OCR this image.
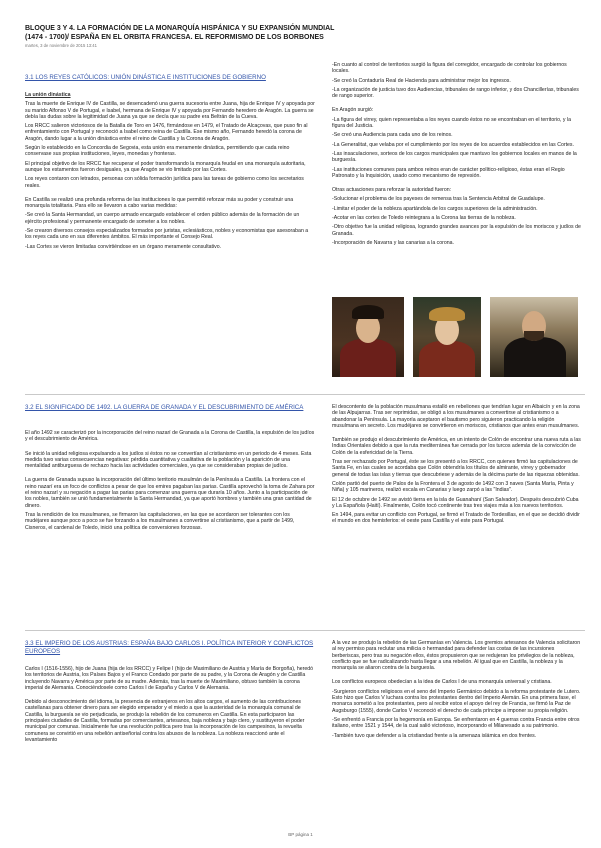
BLOQUE 3 Y 4. LA FORMACIÓN DE LA MONARQUÍA HISPÁNICA Y SU EXPANSIÓN MUNDIAL
(1474 - 1700)/ ESPAÑA EN EL ORBITA FRANCESA. EL REFORMISMO DE LOS BORBONES
martes, 3 de noviembre de 2015 13:41
3.1 LOS REYES CATÓLICOS: UNIÓN DINÁSTICA E INSTITUCIONES DE GOBIERNO

La unión dinástica

Tras la muerte de Enrique IV de Castilla, se desencadenó una guerra sucesoria entre Juana, hija de Enrique IV y apoyada por su marido Alfonso V de Portugal, e Isabel, hermana de Enrique IV y apoyada por Fernando heredero de Aragón. La guerra se debía las dudas sobre la legitimidad de Juana ya que se decía que su padre era Beltrán de la Cueva.

Los RRCC salieron victoriosos de la Batalla de Toro en 1476, firmándose en 1479, el Tratado de Alcaçovas, que puso fin al enfrentamiento con Portugal y reconoció a Isabel como reina de Castilla. Ese mismo año, Fernando heredó la corona de Aragón, dando lugar a la unión dinástica entre el reino de Castilla y la Corona de Aragón.

Según lo establecido en la Concordia de Segovia, esta unión era meramente dinástica, permitiendo que cada reino conservase sus propias instituciones, leyes, monedas y fronteras.

El principal objetivo de los RRCC fue recuperar el poder transformando la monarquía feudal en una monarquía autoritaria, aunque los estamentos fueron desiguales, ya que Aragón se vio limitado por las Cortes.

Los reyes contaron con letrados, personas con sólida formación jurídica para las tareas de gobierno como los secretarios reales.

En Castilla se realizó una profunda reforma de las instituciones lo que permitió reforzar más su poder y construir una monarquía totalitaria. Para ello se llevaron a cabo varias medidas:

-Se creó la Santa Hermandad, un cuerpo armado encargado establecer el orden público además de la formación de un ejército profesional y permanente encargado de someter a los nobles.

-Se crearon diversos consejos especializados formados por juristas, eclesiásticos, nobles y economistas que asesoraban a los reyes cada uno en sus diferentes ámbitos. El más importante el Consejo Real.

-Las Cortes se vieron limitadas convirtiéndose en un órgano meramente consultativo.

-En cuanto al control de territorios surgió la figura del corregidor, encargado de controlar los gobiernos locales.

-Se creó la Contaduría Real de Hacienda para administrar mejor los ingresos.

-La organización de justicia tuvo dos Audiencias, tribunales de rango inferior, y dos Chancillerías, tribunales de rango superior.

En Aragón surgió:

-La figura del virrey, quien representaba a los reyes cuando éstos no se encontraban en el territorio, y la figura del Justicia.

-Se creó una Audiencia para cada uno de los reinos.

-La Generalitat, que velaba por el cumplimiento por los reyes de los acuerdos establecidos en las Cortes.

-Las insaculaciones, sorteos de los cargos municipales que mantuvo los gobiernos locales en manos de la burguesía.

-Las instituciones comunes para ambos reinos eran de carácter político-religioso, éstas eran el Regio Patronato y la Inquisición, usado como mecanismo de represión.

Otras actuaciones para reforzar la autoridad fueron:

-Solucionar el problema de los payeses de remensa tras la Sentencia Arbitral de Guadalupe.

-Limitar el poder de la nobleza apartándola de los cargos superiores de la administración.

-Acotar en las cortes de Toledo reintegrara a la Corona las tierras de la nobleza.

-Otro objetivo fue la unidad religiosa, logrando grandes avances por la expulsión de los moriscos y judíos de Granada.

-Incorporación de Navarra y las canarias a la corona.

3.2 EL SIGNIFICADO DE 1492. LA GUERRA DE GRANADA Y EL DESCUBRIMIENTO DE AMÉRICA

El año 1492 se caracterizó por la incorporación del reino nazarí de Granada a la Corona de Castilla, la expulsión de los judíos y el descubrimiento de América.

Se inició la unidad religiosa expulsando a los judíos si éstos no se convertían al cristianismo en un periodo de 4 meses. Esta medida tuvo varias consecuencias negativas: pérdida cuantitativa y cualitativa de la población y la aparición de una mentalidad antiburguesa de rechazo hacia las actividades comerciales, ya que se consideraban propias de judíos.

La guerra de Granada supuso la incorporación del último territorio musulmán de la Península a Castilla. La frontera con el reino nazarí era un foco de conflictos a pesar de que los emires pagaban las parias. Castilla aprovechó la toma de Zahara por el reino nazarí y su negación a pagar las parias para comenzar una guerra que duraría 10 años. Junto a la participación de los nobles, también se unió fundamentalmente la Santa Hermandad, ya que aportó hombres y también una gran cantidad de dinero.

Tras la rendición de los musulmanes, se firmaron las capitulaciones, en las que se acordaron ser tolerantes con los mudéjares aunque poco a poco se fue forzando a los musulmanes a convertirse al cristianismo, que a partir de 1499, Cisneros, el cardenal de Toledo, inició una política de conversiones forzosas.

El descontento de la población musulmana estalló en rebeliones que tendrían lugar en Albaicín y en la zona de las Alpujarras. Tras ser reprimidas, se obligó a los musulmanes a convertirse al cristianismo o a abandonar la Península. La mayoría aceptaron el bautismo pero siguieron practicando la religión musulmana en secreto. Los mudéjares se convirtieron en moriscos, cristianos que antes eran musulmanes.

También se produjo el descubrimiento de América, en un intento de Colón de encontrar una nueva ruta a las Indias Orientales debido a que la ruta mediterránea fue cerrada por los turcos además de la convicción de Colón de la esfericidad de la Tierra.

Tras ser rechazado por Portugal, éste se los presentó a los RRCC, con quienes firmó las capitulaciones de Santa Fe, en las cuales se acordaba que Colón obtendría los títulos de almirante, virrey y gobernador general de todas las islas y tierras que descubriese y además de la décima parte de las riquezas obtenidas.

Colón partió del puerto de Palos de la Frontera el 3 de agosto de 1492 con 3 naves (Santa María, Pinta y Niña) y 105 marineros, realizó escala en Canarias y luego zarpó a las "Indias".

El 12 de octubre de 1492 se avistó tierra en la isla de Guanahaní (San Salvador). Después descubrió Cuba y La Española (Haití). Finalmente, Colón tocó continente tras tres viajes más a los nuevos territorios.

En 1494, para evitar un conflicto con Portugal, se firmó el Tratado de Tordesillas, en el que se decidió dividir el mundo en dos hemisferios: el oeste para Castilla y el este para Portugal.

3.3 EL IMPERIO DE LOS AUSTRIAS: ESPAÑA BAJO CARLOS I. POLÍTICA INTERIOR Y CONFLICTOS EUROPEOS

Carlos I (1516-1556), hijo de Juana (hija de los RRCC) y Felipe I (hijo de Maximiliano de Austria y María de Borgoña), heredó los territorios de Austria, los Países Bajos y el Franco Condado por parte de su padre, y la Corona de Aragón y de Castilla incluyendo Navarra y América por parte de su madre. Además, tras la muerte de Maximiliano, obtuvo también la corona imperial de Alemania. Conociéndosele como Carlos I de España y Carlos V de Alemania.

Debido al desconocimiento del idioma, la presencia de extranjeros en los altos cargos, el aumento de las contribuciones castellanas para obtener dinero para ser elegido emperador y el miedo a que la austeridad de la monarquía comunal de Castilla, la burguesía se vio perjudicada, se produjo la rebelión de los comuneros en Castilla. En esta participaron las principales ciudades de Castilla, formadas por comerciantes, artesanos, baja nobleza y bajo clero, y sustituyeron el poder municipal por comunas. Inicialmente fue una revolución política pero tras la incorporación de los campesinos, la revuelta comunera se convirtió en una rebelión antiseñorial contra los abusos de la nobleza. La nobleza reaccionó ante el levantamiento

A la vez se produjo la rebelión de las Germanías en Valencia. Los gremios artesanos de Valencia solicitaron al rey permiso para reclutar una milicia o hermandad para defender las costas de las incursiones berberiscas, pero tras su negación ellos, éstos propusieron que se redujeran los privilegios de la nobleza, conflicto que se fue radicalizando hasta llegar a una rebelión. Al igual que en Castilla, la nobleza y la monarquía se aliaron contra de la burguesía.

Los conflictos europeos obedecían a la idea de Carlos I de una monarquía universal y cristiana.

-Surgieron conflictos religiosos en el seno del Imperio Germánico debido a la reforma protestante de Lutero. Esto hizo que Carlos V luchara contra los protestantes dentro del Imperio Alemán. En una primera fase, el monarca sometió a los protestantes, pero al recibir estos el apoyo del rey de Francia, se firmó la Paz de Augsburgo (1555), donde Carlos V reconoció el derecho de cada príncipe a imponer su propia religión.

-Se enfrentó a Francia por la hegemonía en Europa. Se enfrentaron en 4 guerras contra Francia entre otros italiano, entre 1521 y 1544, de la cual salió victorioso, incorporando el Milanesado a su patrimonio.

-También tuvo que defender a la cristiandad frente a la amenaza islámica en dos frentes.

BP página 1
